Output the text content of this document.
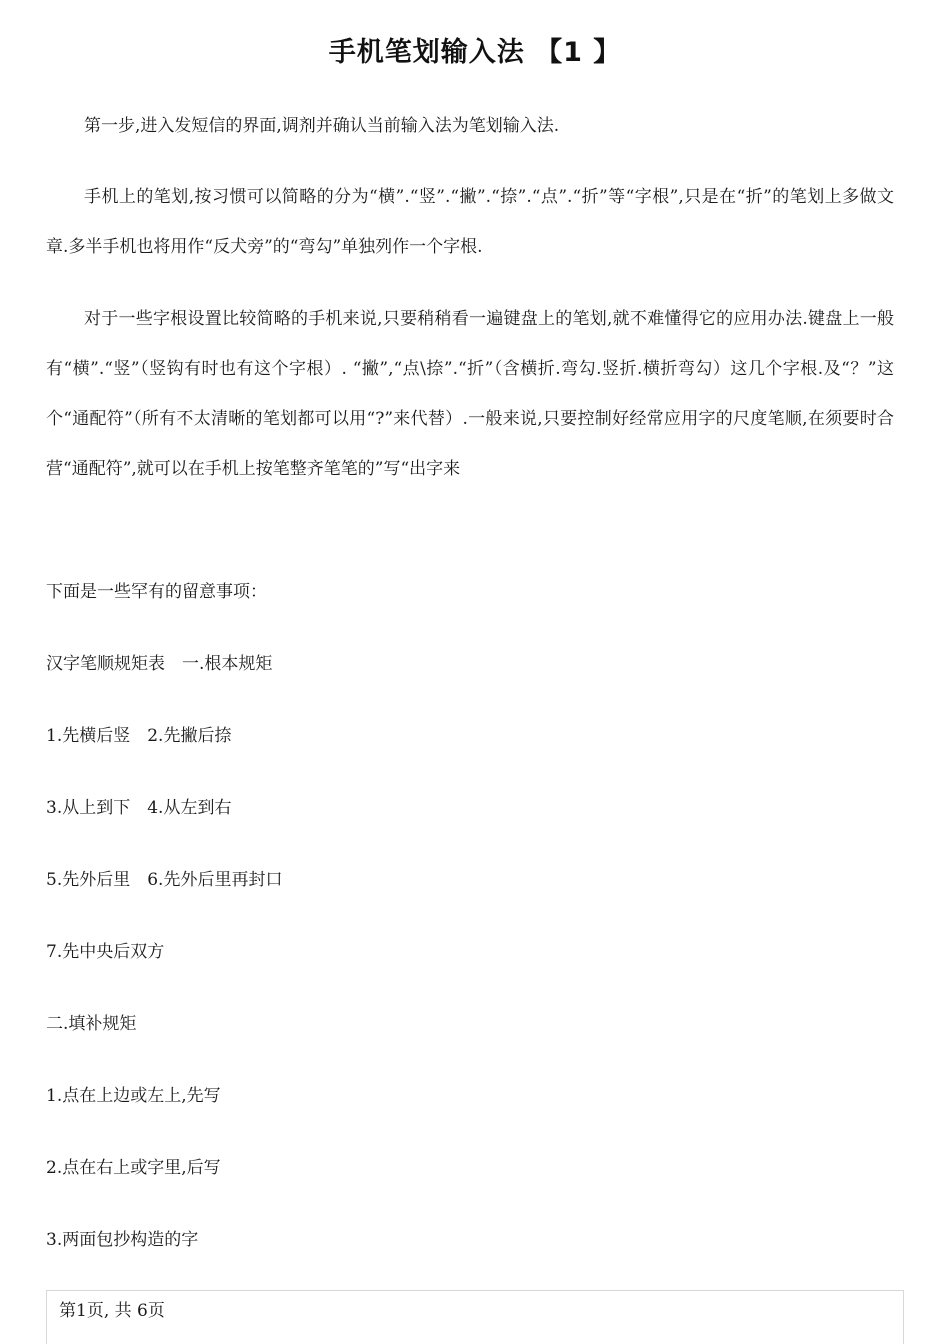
手机笔划输入法 【1 】

第一步,进入发短信的界面,调剂并确认当前输入法为笔划输入法.

手机上的笔划,按习惯可以简略的分为“横”.“竖”.“撇”.“捺”.“点”.“折”等“字根”,只是在“折”的笔划上多做文章.多半手机也将用作“反犬旁”的“弯勾”单独列作一个字根.

对于一些字根设置比较简略的手机来说,只要稍稍看一遍键盘上的笔划,就不难懂得它的应用办法.键盘上一般有“横”.“竖”（竖钩有时也有这个字根）. “撇”,“点\捺”.“折”（含横折.弯勾.竖折.横折弯勾）这几个字根.及“？”这个“通配符”（所有不太清晰的笔划都可以用“?”来代替）.一般来说,只要控制好经常应用字的尺度笔顺,在须要时合营“通配符”,就可以在手机上按笔整齐笔笔的”写“出字来

下面是一些罕有的留意事项：
汉字笔顺规矩表　一.根本规矩
1.先横后竖　2.先撇后捺
3.从上到下　4.从左到右
5.先外后里　6.先外后里再封口
7.先中央后双方
二.填补规矩
1.点在上边或左上,先写
2.点在右上或字里,后写
3.两面包抄构造的字
第1页, 共 6页
